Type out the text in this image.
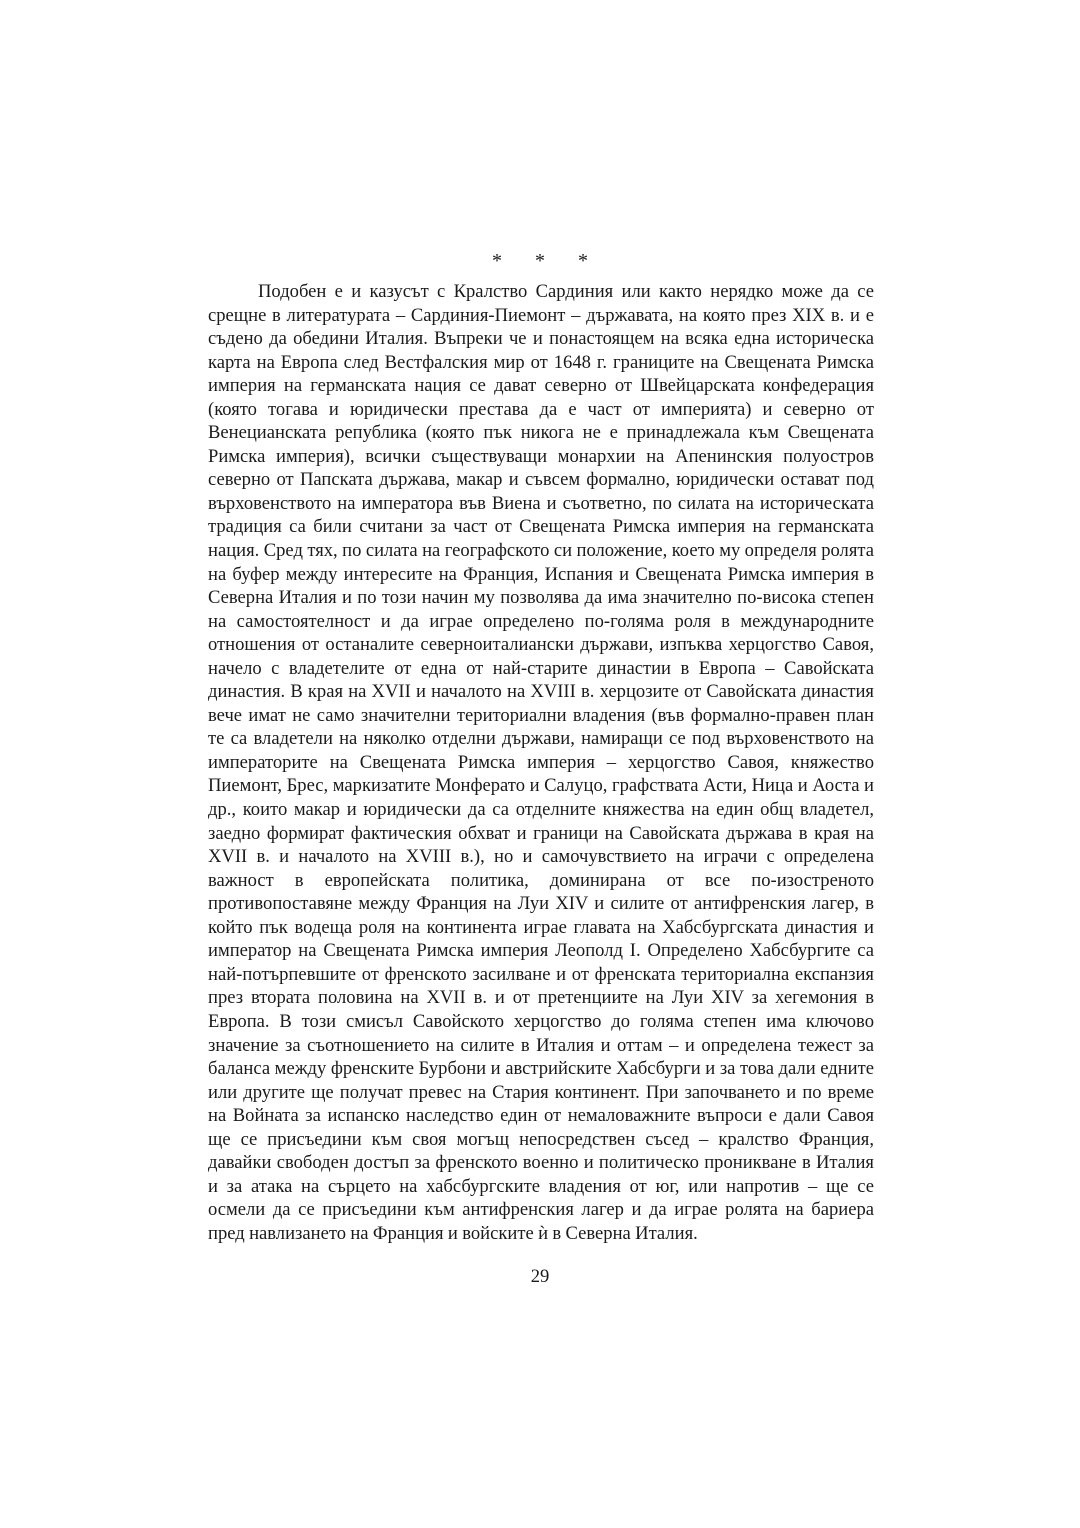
* * *

Подобен е и казусът с Кралство Сардиния или както нерядко може да се срещне в литературата – Сардиния-Пиемонт – държавата, на която през XIX в. и е съдено да обедини Италия. Въпреки че и понастоящем на всяка една историческа карта на Европа след Вестфалския мир от 1648 г. границите на Свещената Римска империя на германската нация се дават северно от Швейцарската конфедерация (която тогава и юридически престава да е част от империята) и северно от Венецианската република (която пък никога не е принадлежала към Свещената Римска империя), всички съществуващи монархии на Апенинския полуостров северно от Папската държава, макар и съвсем формално, юридически остават под върховенството на императора във Виена и съответно, по силата на историческата традиция са били считани за част от Свещената Римска империя на германската нация. Сред тях, по силата на географското си положение, което му определя ролята на буфер между интересите на Франция, Испания и Свещената Римска империя в Северна Италия и по този начин му позволява да има значително по-висока степен на самостоятелност и да играе определено по-голяма роля в международните отношения от останалите северноиталиански държави, изпъква херцогство Савоя, начело с владетелите от една от най-старите династии в Европа – Савойската династия. В края на XVII и началото на XVIII в. херцозите от Савойската династия вече имат не само значителни териториални владения (във формално-правен план те са владетели на няколко отделни държави, намиращи се под върховенството на императорите на Свещената Римска империя – херцогство Савоя, княжество Пиемонт, Брес, маркизатите Монферато и Салуцо, графствата Асти, Ница и Аоста и др., които макар и юридически да са отделните княжества на един общ владетел, заедно формират фактическия обхват и граници на Савойската държава в края на XVII в. и началото на XVIII в.), но и самочувствието на играчи с определена важност в европейската политика, доминирана от все по-изостреното противопоставяне между Франция на Луи XIV и силите от антифренския лагер, в който пък водеща роля на континента играе главата на Хабсбургската династия и император на Свещената Римска империя Леополд I. Определено Хабсбургите са най-потърпевшите от френското засилване и от френската териториална експанзия през втората половина на XVII в. и от претенциите на Луи XIV за хегемония в Европа. В този смисъл Савойското херцогство до голяма степен има ключово значение за съотношението на силите в Италия и оттам – и определена тежест за баланса между френските Бурбони и австрийските Хабсбурги и за това дали едните или другите ще получат превес на Стария континент. При започването и по време на Войната за испанско наследство един от немаловажните въпроси е дали Савоя ще се присъедини към своя могъщ непосредствен съсед – кралство Франция, давайки свободен достъп за френското военно и политическо проникване в Италия и за атака на сърцето на хабсбургските владения от юг, или напротив – ще се осмели да се присъедини към антифренския лагер и да играе ролята на бариера пред навлизането на Франция и войските ѝ в Северна Италия.

29
